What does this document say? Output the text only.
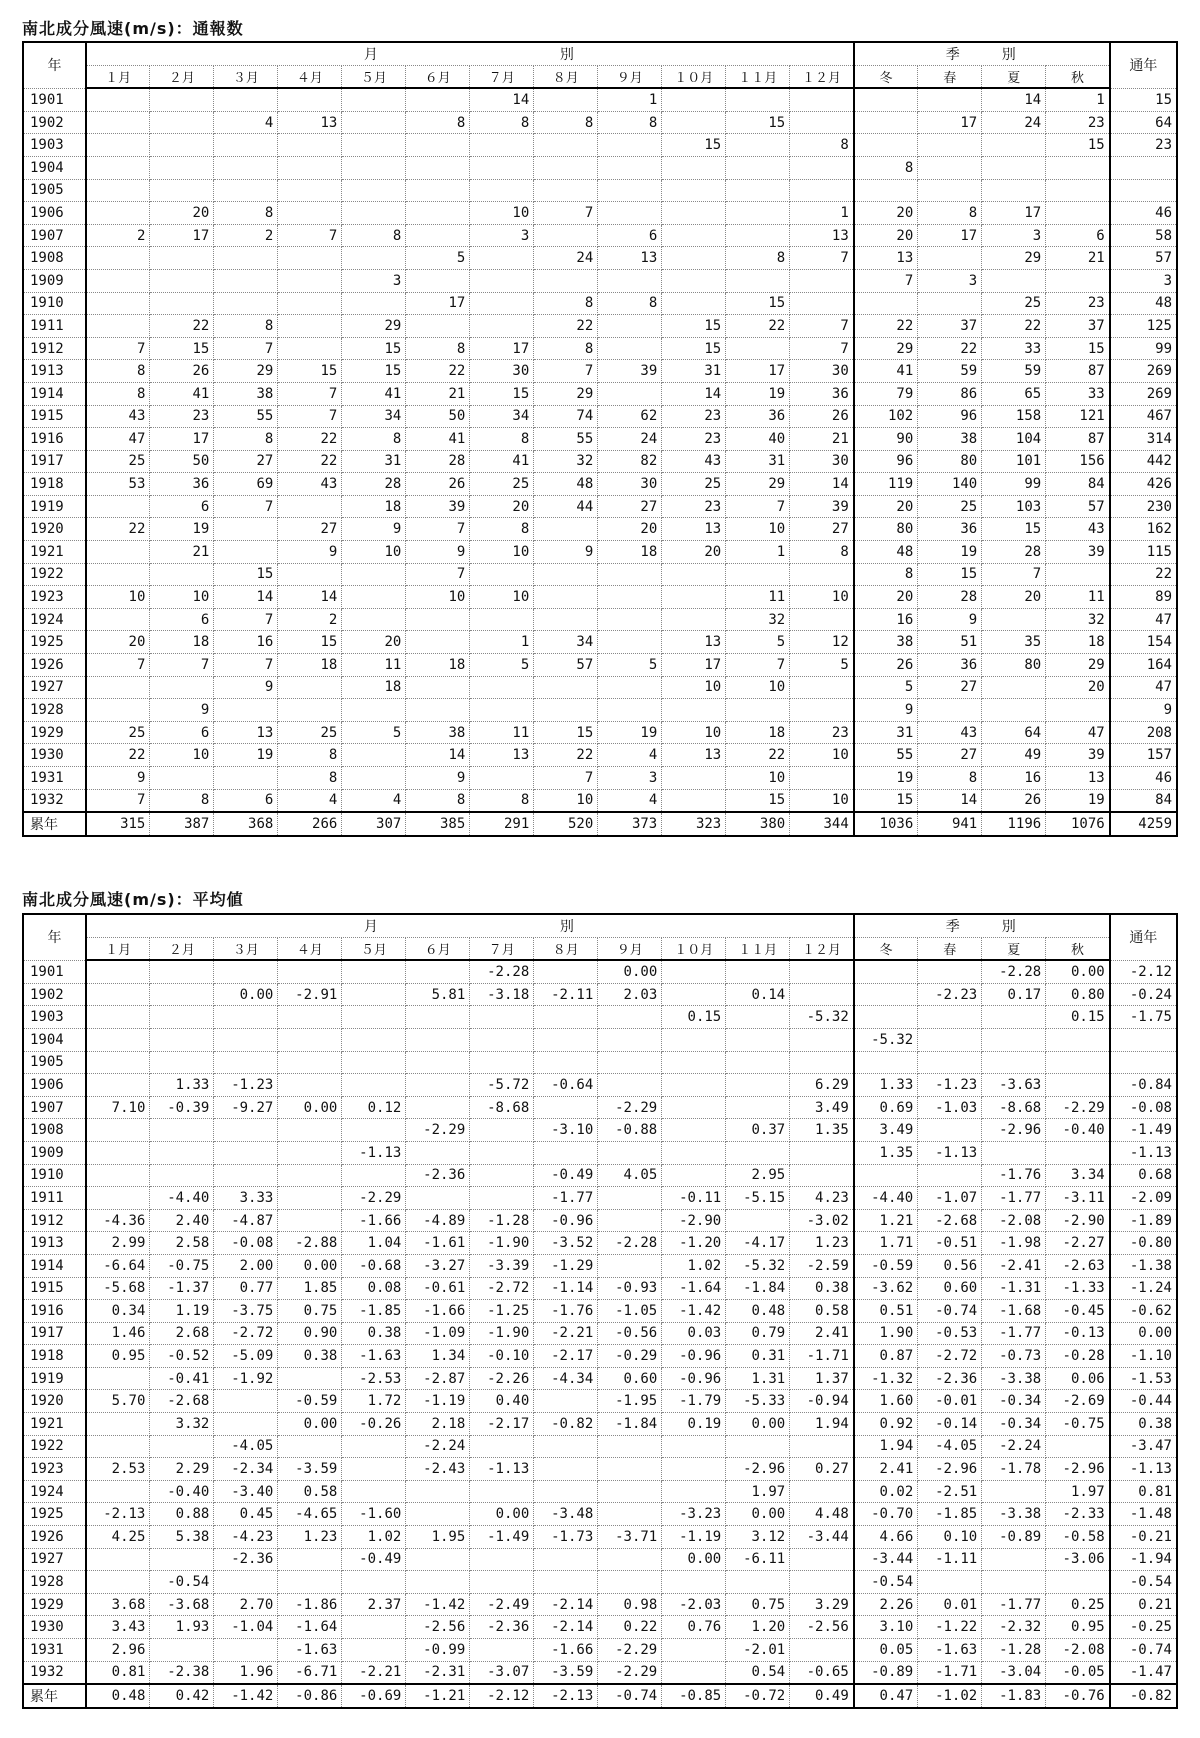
南北成分風速(m/s)：通報数
年	月 別												季 別				通年
	１月	２月	３月	４月	５月	６月	７月	８月	９月	１０月	１１月	１２月	冬	春	夏	秋	
1901							14		1						14	1	15
1902			4	13		8	8	8	8		15			17	24	23	64
1903										15		8				15	23
1904													8				
1905																	
1906		20	8				10	7				1	20	8	17		46
1907	2	17	2	7	8		3		6			13	20	17	3	6	58
1908						5		24	13		8	7	13		29	21	57
1909					3								7	3			3
1910						17		8	8		15				25	23	48
1911		22	8		29			22		15	22	7	22	37	22	37	125
1912	7	15	7		15	8	17	8		15		7	29	22	33	15	99
1913	8	26	29	15	15	22	30	7	39	31	17	30	41	59	59	87	269
1914	8	41	38	7	41	21	15	29		14	19	36	79	86	65	33	269
1915	43	23	55	7	34	50	34	74	62	23	36	26	102	96	158	121	467
1916	47	17	8	22	8	41	8	55	24	23	40	21	90	38	104	87	314
1917	25	50	27	22	31	28	41	32	82	43	31	30	96	80	101	156	442
1918	53	36	69	43	28	26	25	48	30	25	29	14	119	140	99	84	426
1919		6	7		18	39	20	44	27	23	7	39	20	25	103	57	230
1920	22	19		27	9	7	8		20	13	10	27	80	36	15	43	162
1921		21		9	10	9	10	9	18	20	1	8	48	19	28	39	115
1922			15			7							8	15	7		22
1923	10	10	14	14		10	10				11	10	20	28	20	11	89
1924		6	7	2							32		16	9		32	47
1925	20	18	16	15	20		1	34		13	5	12	38	51	35	18	154
1926	7	7	7	18	11	18	5	57	5	17	7	5	26	36	80	29	164
1927			9		18					10	10		5	27		20	47
1928		9											9				9
1929	25	6	13	25	5	38	11	15	19	10	18	23	31	43	64	47	208
1930	22	10	19	8		14	13	22	4	13	22	10	55	27	49	39	157
1931	9			8		9		7	3		10		19	8	16	13	46
1932	7	8	6	4	4	8	8	10	4		15	10	15	14	26	19	84
累年	315	387	368	266	307	385	291	520	373	323	380	344	1036	941	1196	1076	4259
南北成分風速(m/s)：平均値
年	月 別												季 別				通年
	１月	２月	３月	４月	５月	６月	７月	８月	９月	１０月	１１月	１２月	冬	春	夏	秋	
1901							-2.28		0.00						-2.28	0.00	-2.12
1902			0.00	-2.91		5.81	-3.18	-2.11	2.03		0.14			-2.23	0.17	0.80	-0.24
1903										0.15		-5.32				0.15	-1.75
1904													-5.32				
1905																	
1906		1.33	-1.23				-5.72	-0.64				6.29	1.33	-1.23	-3.63		-0.84
1907	7.10	-0.39	-9.27	0.00	0.12		-8.68		-2.29			3.49	0.69	-1.03	-8.68	-2.29	-0.08
1908						-2.29		-3.10	-0.88		0.37	1.35	3.49		-2.96	-0.40	-1.49
1909					-1.13								1.35	-1.13			-1.13
1910						-2.36		-0.49	4.05		2.95				-1.76	3.34	0.68
1911		-4.40	3.33		-2.29			-1.77		-0.11	-5.15	4.23	-4.40	-1.07	-1.77	-3.11	-2.09
1912	-4.36	2.40	-4.87		-1.66	-4.89	-1.28	-0.96		-2.90		-3.02	1.21	-2.68	-2.08	-2.90	-1.89
1913	2.99	2.58	-0.08	-2.88	1.04	-1.61	-1.90	-3.52	-2.28	-1.20	-4.17	1.23	1.71	-0.51	-1.98	-2.27	-0.80
1914	-6.64	-0.75	2.00	0.00	-0.68	-3.27	-3.39	-1.29		1.02	-5.32	-2.59	-0.59	0.56	-2.41	-2.63	-1.38
1915	-5.68	-1.37	0.77	1.85	0.08	-0.61	-2.72	-1.14	-0.93	-1.64	-1.84	0.38	-3.62	0.60	-1.31	-1.33	-1.24
1916	0.34	1.19	-3.75	0.75	-1.85	-1.66	-1.25	-1.76	-1.05	-1.42	0.48	0.58	0.51	-0.74	-1.68	-0.45	-0.62
1917	1.46	2.68	-2.72	0.90	0.38	-1.09	-1.90	-2.21	-0.56	0.03	0.79	2.41	1.90	-0.53	-1.77	-0.13	0.00
1918	0.95	-0.52	-5.09	0.38	-1.63	1.34	-0.10	-2.17	-0.29	-0.96	0.31	-1.71	0.87	-2.72	-0.73	-0.28	-1.10
1919		-0.41	-1.92		-2.53	-2.87	-2.26	-4.34	0.60	-0.96	1.31	1.37	-1.32	-2.36	-3.38	0.06	-1.53
1920	5.70	-2.68		-0.59	1.72	-1.19	0.40		-1.95	-1.79	-5.33	-0.94	1.60	-0.01	-0.34	-2.69	-0.44
1921		3.32		0.00	-0.26	2.18	-2.17	-0.82	-1.84	0.19	0.00	1.94	0.92	-0.14	-0.34	-0.75	0.38
1922			-4.05			-2.24							1.94	-4.05	-2.24		-3.47
1923	2.53	2.29	-2.34	-3.59		-2.43	-1.13				-2.96	0.27	2.41	-2.96	-1.78	-2.96	-1.13
1924		-0.40	-3.40	0.58							1.97		0.02	-2.51		1.97	0.81
1925	-2.13	0.88	0.45	-4.65	-1.60		0.00	-3.48		-3.23	0.00	4.48	-0.70	-1.85	-3.38	-2.33	-1.48
1926	4.25	5.38	-4.23	1.23	1.02	1.95	-1.49	-1.73	-3.71	-1.19	3.12	-3.44	4.66	0.10	-0.89	-0.58	-0.21
1927			-2.36		-0.49					0.00	-6.11		-3.44	-1.11		-3.06	-1.94
1928		-0.54											-0.54				-0.54
1929	3.68	-3.68	2.70	-1.86	2.37	-1.42	-2.49	-2.14	0.98	-2.03	0.75	3.29	2.26	0.01	-1.77	0.25	0.21
1930	3.43	1.93	-1.04	-1.64		-2.56	-2.36	-2.14	0.22	0.76	1.20	-2.56	3.10	-1.22	-2.32	0.95	-0.25
1931	2.96			-1.63		-0.99		-1.66	-2.29		-2.01		0.05	-1.63	-1.28	-2.08	-0.74
1932	0.81	-2.38	1.96	-6.71	-2.21	-2.31	-3.07	-3.59	-2.29		0.54	-0.65	-0.89	-1.71	-3.04	-0.05	-1.47
累年	0.48	0.42	-1.42	-0.86	-0.69	-1.21	-2.12	-2.13	-0.74	-0.85	-0.72	0.49	0.47	-1.02	-1.83	-0.76	-0.82
